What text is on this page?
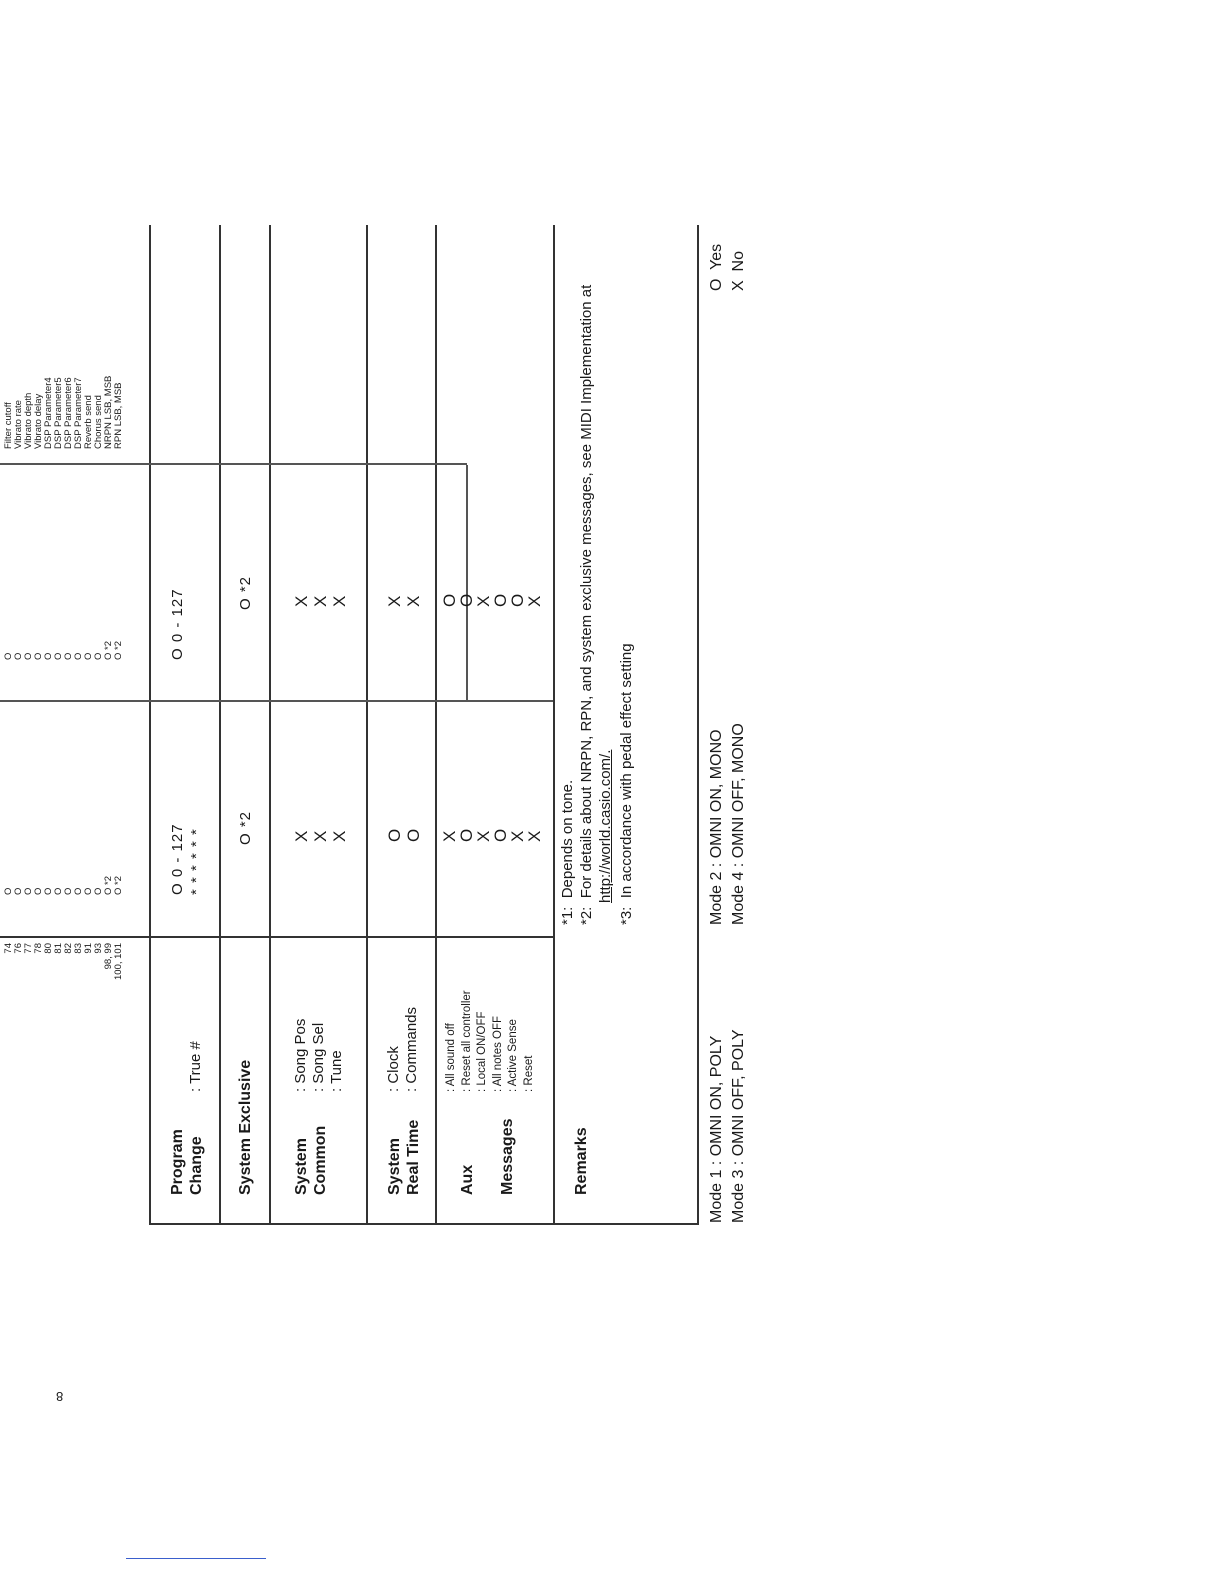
74 76 77 78 80 81 82 83 91 93 98, 99 100, 101
O O O O O O O O O O O *2 O *2
O O O O O O O O O O O *2 O *2
Filter cutoff Vibrato rate Vibrato depth Vibrato delay DSP Parameter4 DSP Parameter5 DSP Parameter6 DSP Parameter7 Reverb send Chorus send NRPN LSB, MSB RPN LSB, MSB
Program Change
: True #
O 0 - 127 * * * * * *
O 0 - 127
System Exclusive
O *2
O *2
System Common
: Song Pos : Song Sel : Tune
X X X
X X X
System Real Time
: Clock : Commands
O O
X X
Aux Messages
: All sound off : Reset all controller : Local ON/OFF : All notes OFF : Active Sense : Reset
X
O
X
O
X
X
O
O
X
O
O
X
Remarks
*1:  Depends on tone.
*2:  For details about NRPN, RPN, and system exclusive messages, see MIDI Implementation at http://world.casio.com/.
*3:  In accordance with pedal effect setting
Mode 1 : OMNI ON, POLY Mode 3 : OMNI OFF, POLY
Mode 2 : OMNI ON, MONO Mode 4 : OMNI OFF, MONO
O  Yes X  No
8
